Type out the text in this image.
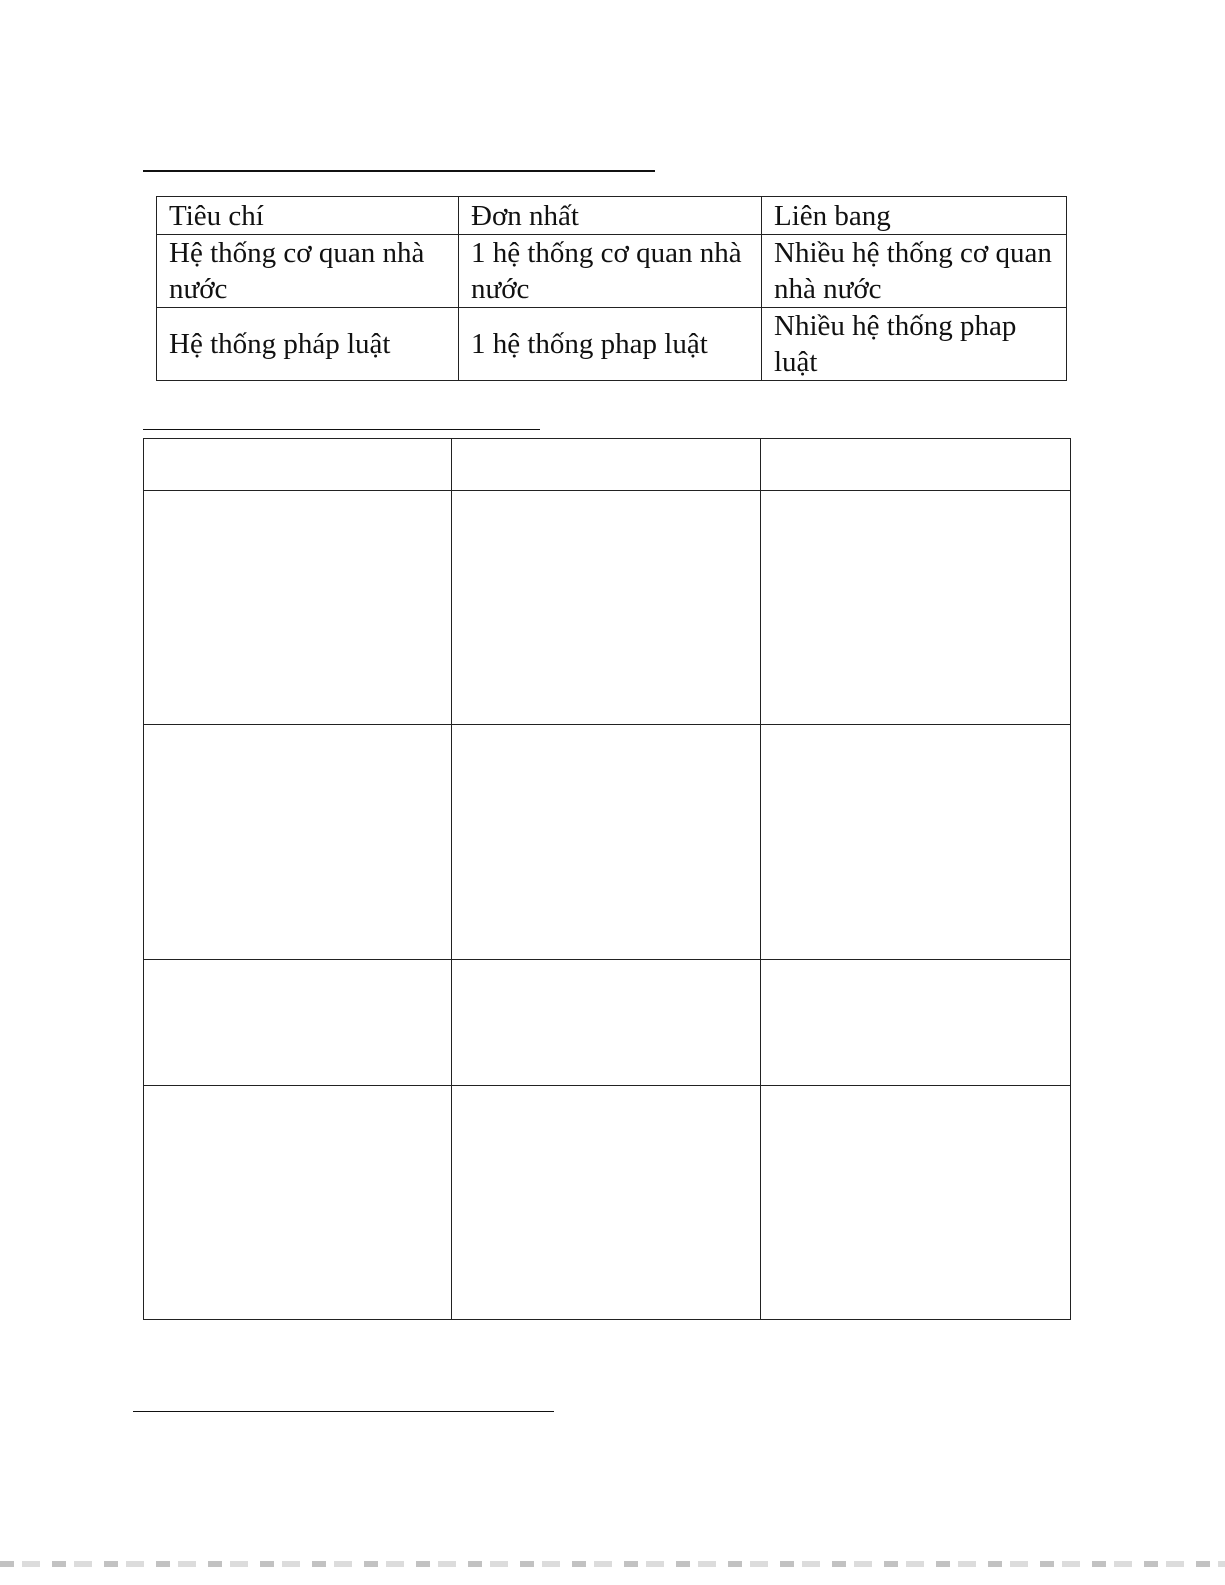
Tiêu chí	Đơn nhất	Liên bang
Hệ thống cơ quan nhà nước	1 hệ thống cơ quan nhà nước	Nhiều hệ thống cơ quan nhà nước
Hệ thống pháp luật	1 hệ thống phap luật	Nhiều hệ thống phap luật
